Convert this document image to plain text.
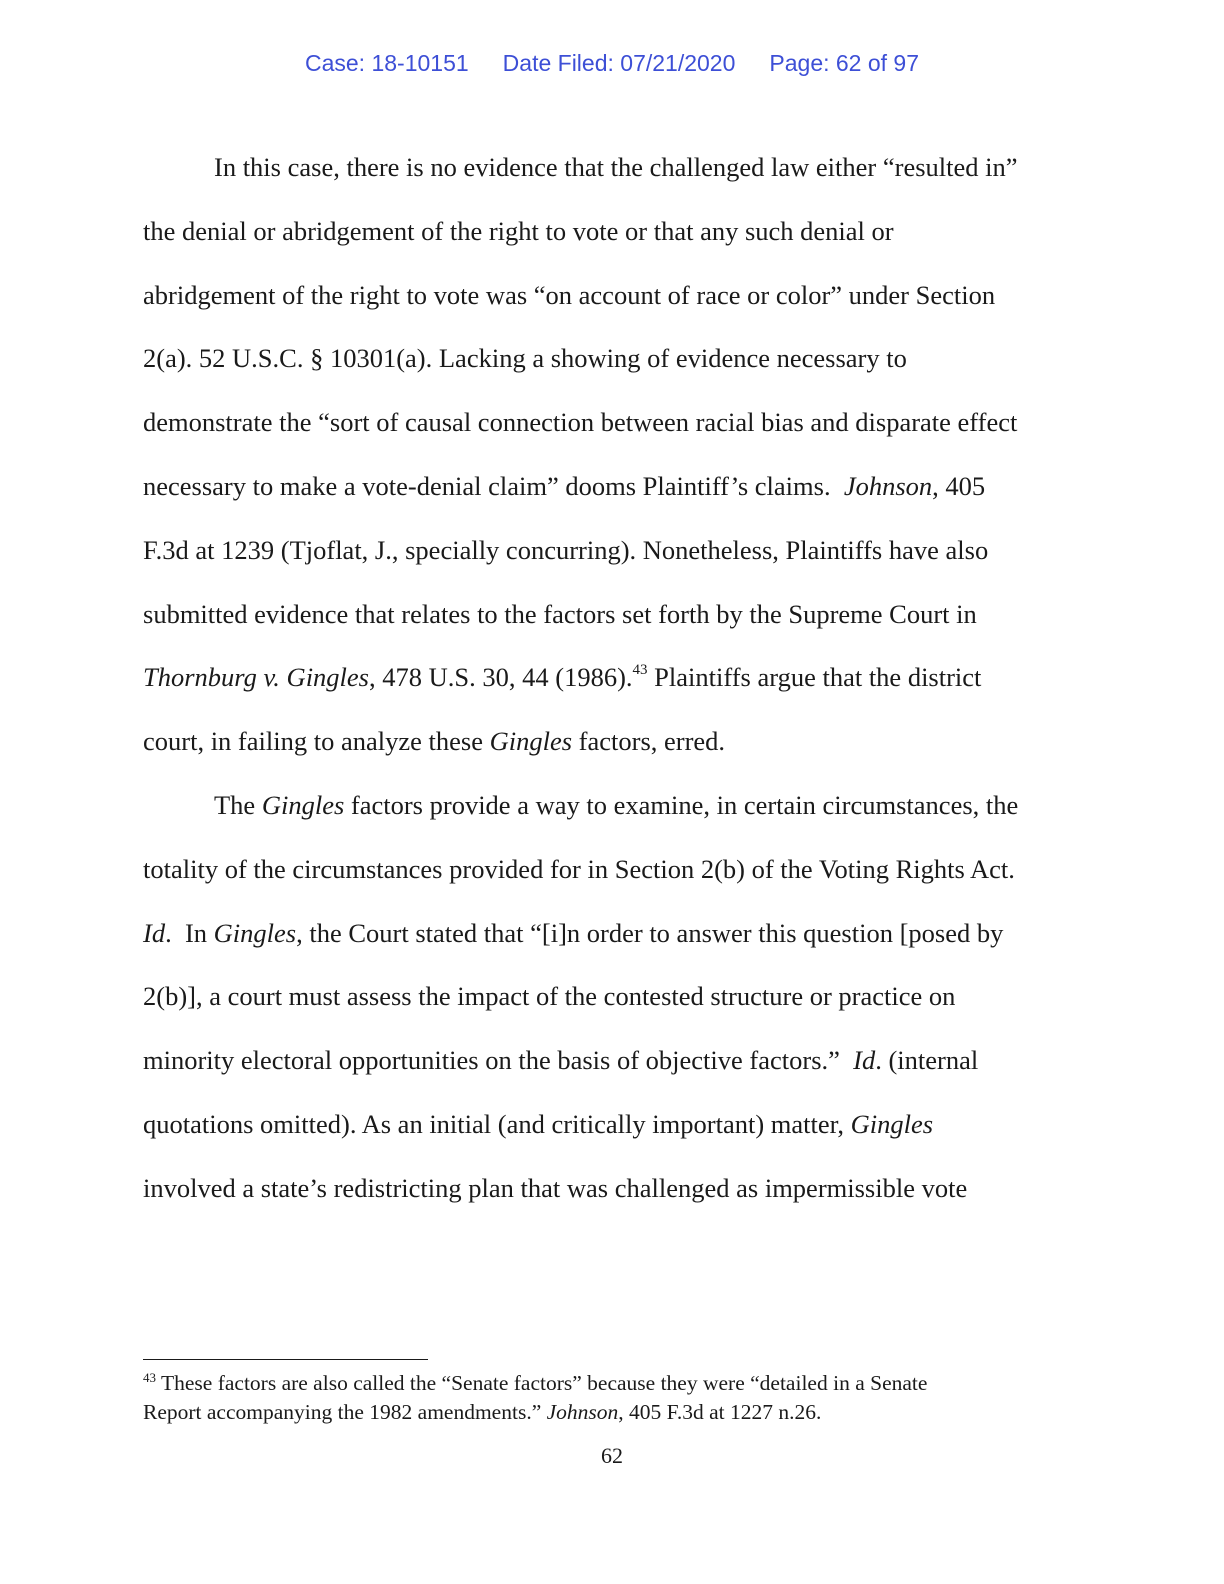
Case: 18-10151 Date Filed: 07/21/2020 Page: 62 of 97
In this case, there is no evidence that the challenged law either “resulted in”
the denial or abridgement of the right to vote or that any such denial or
abridgement of the right to vote was “on account of race or color” under Section
2(a). 52 U.S.C. § 10301(a). Lacking a showing of evidence necessary to
demonstrate the “sort of causal connection between racial bias and disparate effect
necessary to make a vote-denial claim” dooms Plaintiff’s claims.  Johnson, 405
F.3d at 1239 (Tjoflat, J., specially concurring). Nonetheless, Plaintiffs have also
submitted evidence that relates to the factors set forth by the Supreme Court in
Thornburg v. Gingles, 478 U.S. 30, 44 (1986).$^{43}$ Plaintiffs argue that the district
court, in failing to analyze these Gingles factors, erred.
The Gingles factors provide a way to examine, in certain circumstances, the
totality of the circumstances provided for in Section 2(b) of the Voting Rights Act.
Id.  In Gingles, the Court stated that “[i]n order to answer this question [posed by
2(b)], a court must assess the impact of the contested structure or practice on
minority electoral opportunities on the basis of objective factors.”  Id. (internal
quotations omitted). As an initial (and critically important) matter, Gingles
involved a state’s redistricting plan that was challenged as impermissible vote
$^{43}$ These factors are also called the “Senate factors” because they were “detailed in a Senate
Report accompanying the 1982 amendments.” Johnson, 405 F.3d at 1227 n.26.
62
